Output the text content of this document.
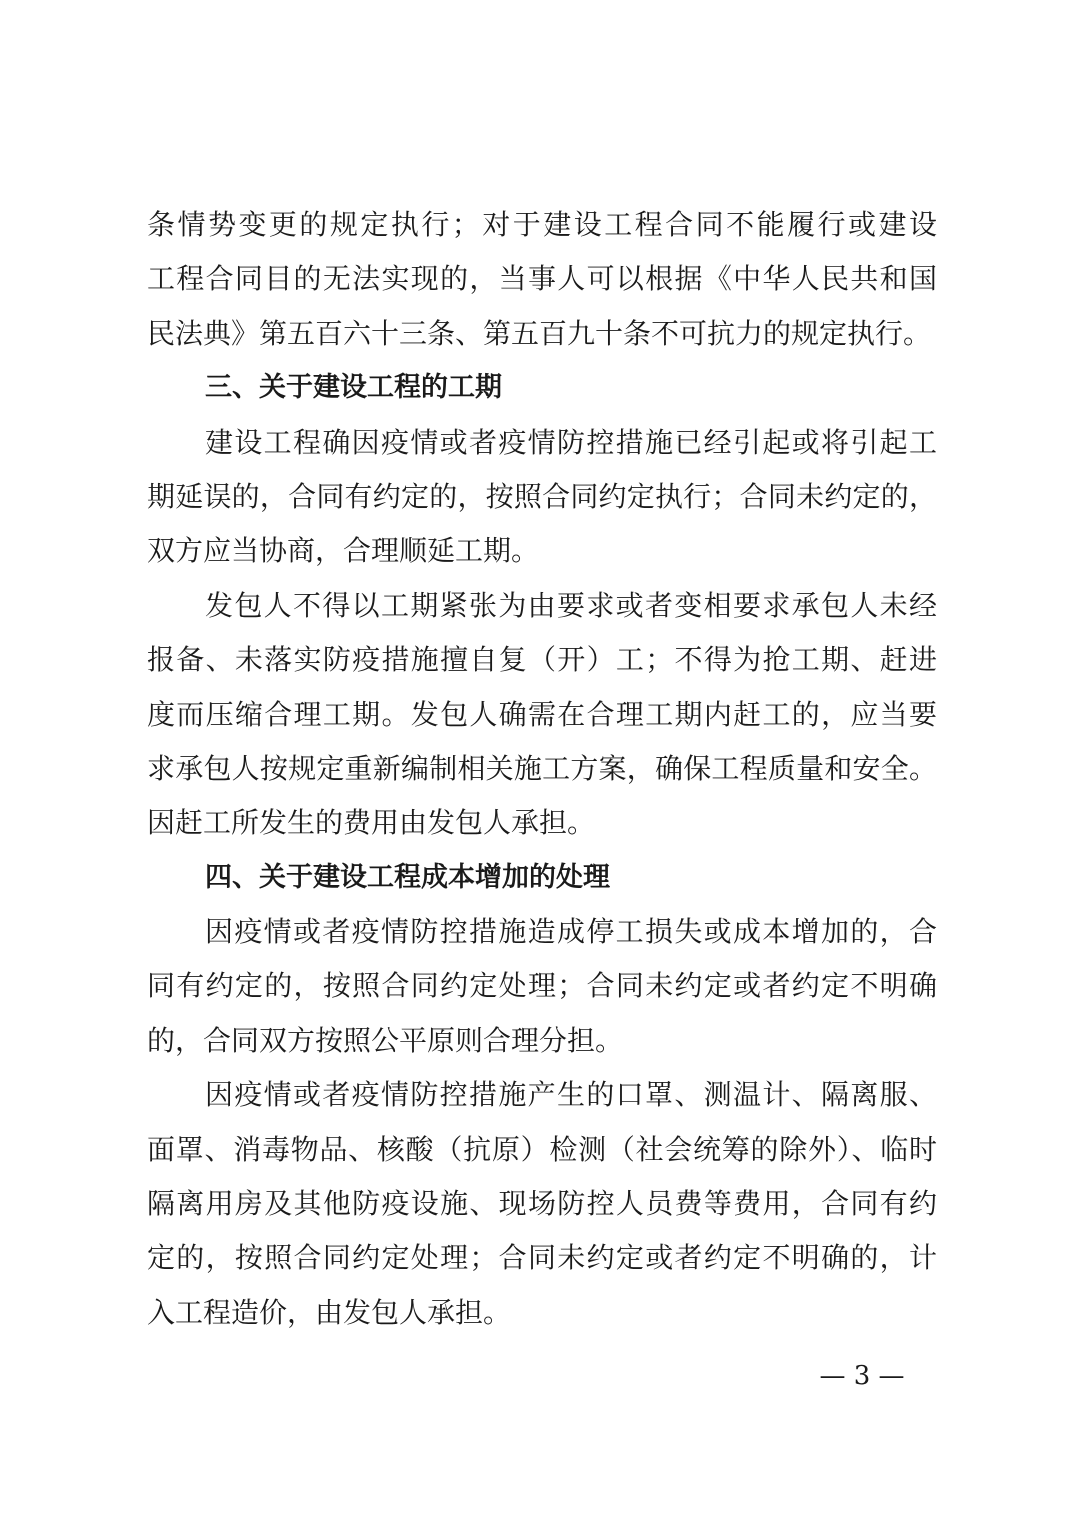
条情势变更的规定执行；对于建设工程合同不能履行或建设
工程合同目的无法实现的，当事人可以根据《中华人民共和国
民法典》第五百六十三条、第五百九十条不可抗力的规定执行。
三、关于建设工程的工期
建设工程确因疫情或者疫情防控措施已经引起或将引起工
期延误的，合同有约定的，按照合同约定执行；合同未约定的，
双方应当协商，合理顺延工期。
发包人不得以工期紧张为由要求或者变相要求承包人未经
报备、未落实防疫措施擅自复（开）工；不得为抢工期、赶进
度而压缩合理工期。发包人确需在合理工期内赶工的，应当要
求承包人按规定重新编制相关施工方案，确保工程质量和安全。
因赶工所发生的费用由发包人承担。
四、关于建设工程成本增加的处理
因疫情或者疫情防控措施造成停工损失或成本增加的，合
同有约定的，按照合同约定处理；合同未约定或者约定不明确
的，合同双方按照公平原则合理分担。
因疫情或者疫情防控措施产生的口罩、测温计、隔离服、
面罩、消毒物品、核酸（抗原）检测（社会统筹的除外）、临时
隔离用房及其他防疫设施、现场防控人员费等费用，合同有约
定的，按照合同约定处理；合同未约定或者约定不明确的，计
入工程造价，由发包人承担。
— 3 —
